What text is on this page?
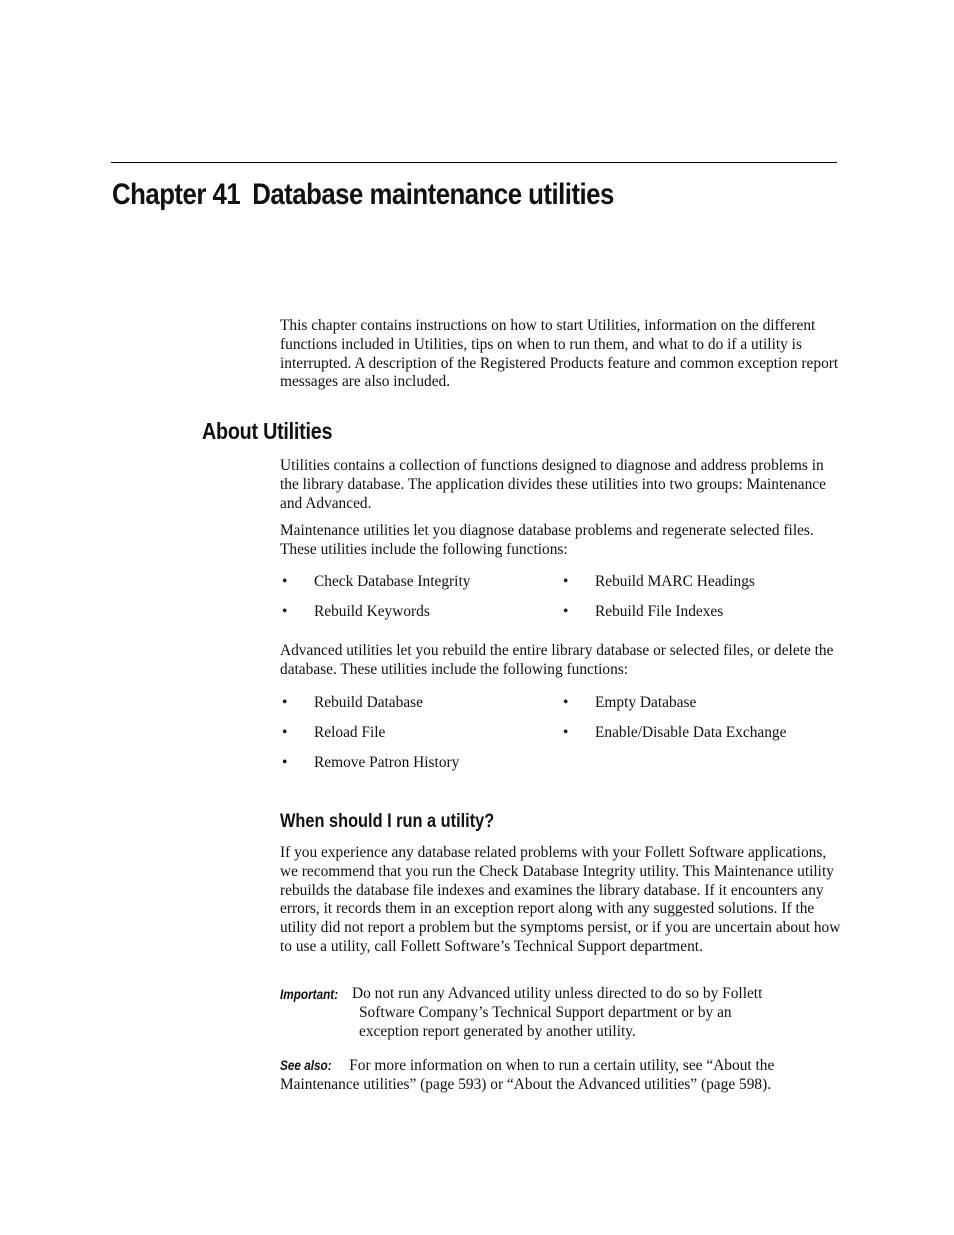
Chapter 41 Database maintenance utilities

This chapter contains instructions on how to start Utilities, information on the different functions included in Utilities, tips on when to run them, and what to do if a utility is interrupted. A description of the Registered Products feature and common exception report messages are also included.

About Utilities

Utilities contains a collection of functions designed to diagnose and address problems in the library database. The application divides these utilities into two groups: Maintenance and Advanced.

Maintenance utilities let you diagnose database problems and regenerate selected files. These utilities include the following functions:

• Check Database Integrity	• Rebuild MARC Headings
• Rebuild Keywords	• Rebuild File Indexes

Advanced utilities let you rebuild the entire library database or selected files, or delete the database. These utilities include the following functions:

• Rebuild Database	• Empty Database
• Reload File	• Enable/Disable Data Exchange
• Remove Patron History
When should I run a utility?

If you experience any database related problems with your Follett Software applications, we recommend that you run the Check Database Integrity utility. This Maintenance utility rebuilds the database file indexes and examines the library database. If it encounters any errors, it records them in an exception report along with any suggested solutions. If the utility did not report a problem but the symptoms persist, or if you are uncertain about how to use a utility, call Follett Software’s Technical Support department.

Important: Do not run any Advanced utility unless directed to do so by Follett
Software Company’s Technical Support department or by an
exception report generated by another utility.

See also: For more information on when to run a certain utility, see “About the Maintenance utilities” (page 593) or “About the Advanced utilities” (page 598).
